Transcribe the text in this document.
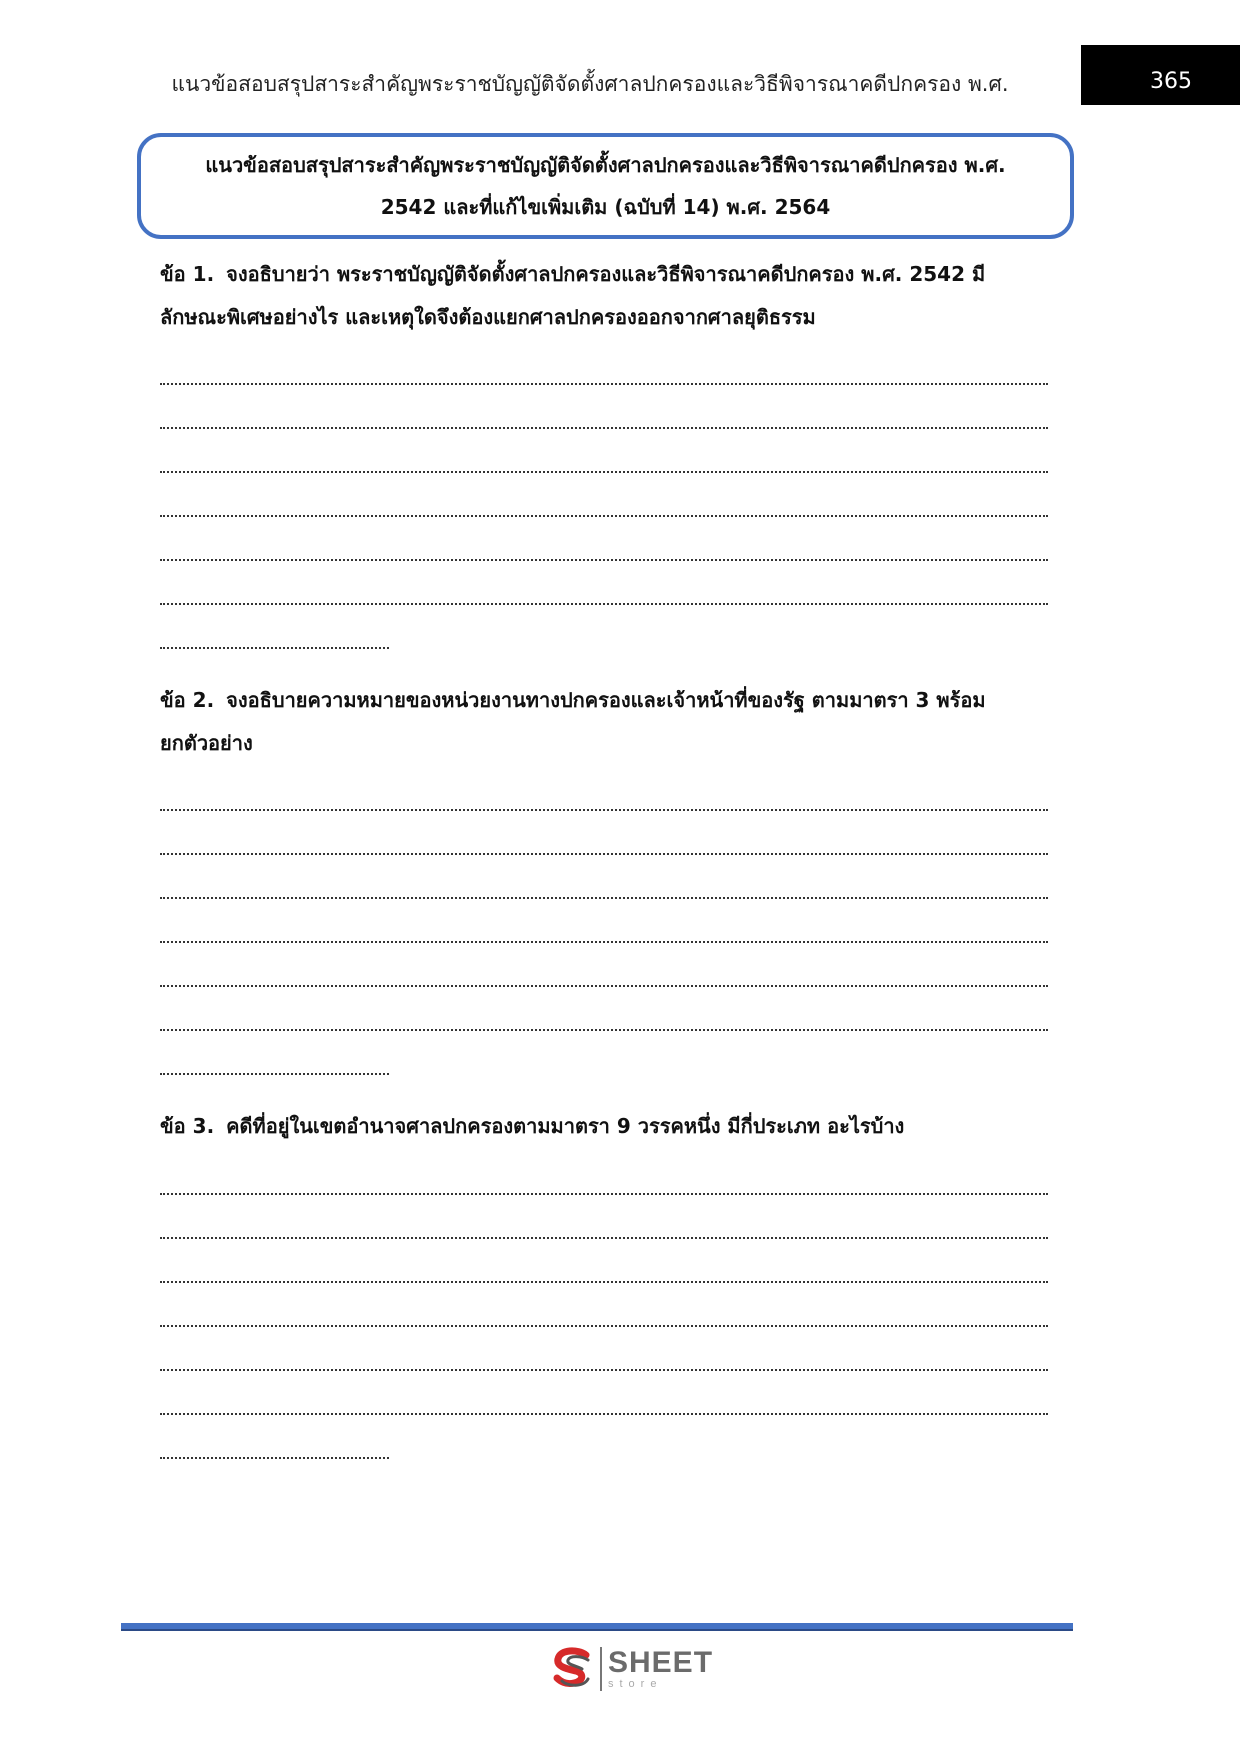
แนวข้อสอบสรุปสาระสำคัญพระราชบัญญัติจัดตั้งศาลปกครองและวิธีพิจารณาคดีปกครอง พ.ศ.	365
แนวข้อสอบสรุปสาระสำคัญพระราชบัญญัติจัดตั้งศาลปกครองและวิธีพิจารณาคดีปกครอง พ.ศ.
2542 และที่แก้ไขเพิ่มเติม (ฉบับที่ 14) พ.ศ. 2564
ข้อ 1. จงอธิบายว่า พระราชบัญญัติจัดตั้งศาลปกครองและวิธีพิจารณาคดีปกครอง พ.ศ. 2542 มี
ลักษณะพิเศษอย่างไร และเหตุใดจึงต้องแยกศาลปกครองออกจากศาลยุติธรรม
ข้อ 2. จงอธิบายความหมายของหน่วยงานทางปกครองและเจ้าหน้าที่ของรัฐ ตามมาตรา 3 พร้อม
ยกตัวอย่าง
ข้อ 3. คดีที่อยู่ในเขตอำนาจศาลปกครองตามมาตรา 9 วรรคหนึ่ง มีกี่ประเภท อะไรบ้าง
SHEET
store
